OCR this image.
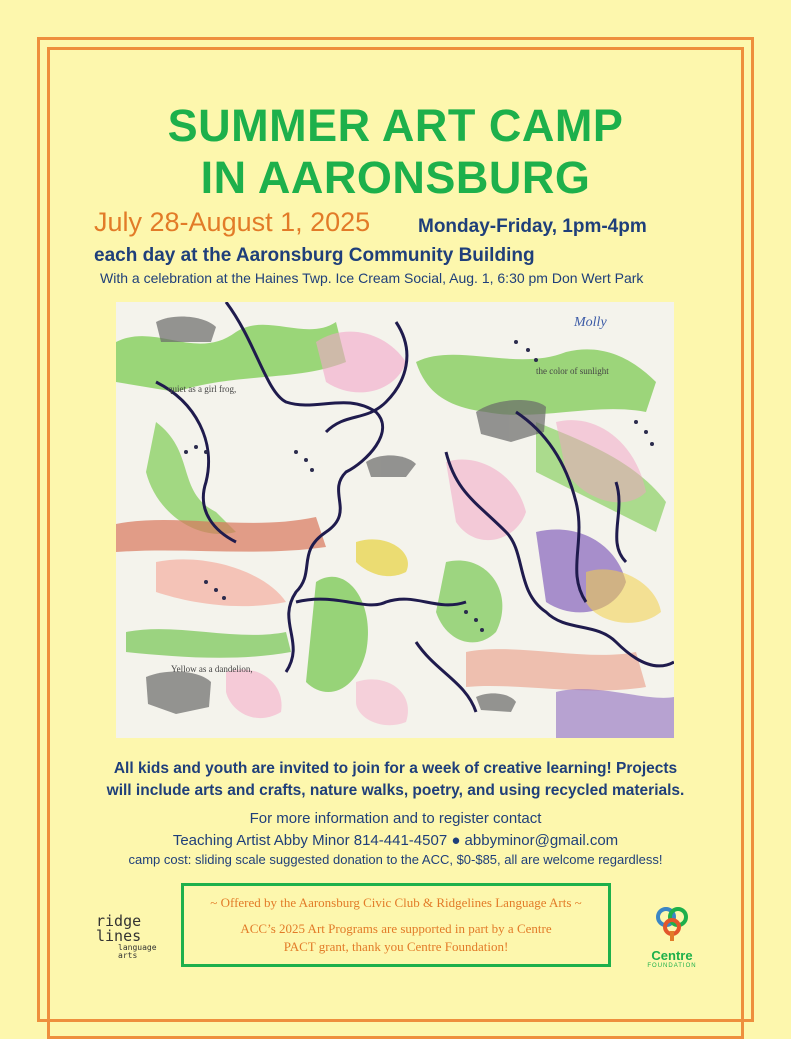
SUMMER ART CAMP
IN AARONSBURG
July 28-August 1, 2025	Monday-Friday, 1pm-4pm
each day at the Aaronsburg Community Building
With a celebration at the Haines Twp. Ice Cream Social, Aug. 1, 6:30 pm Don Wert Park
Molly
quiet as a girl frog,
the color of sunlight
Yellow as a dandelion,
All kids and youth are invited to join for a week of creative learning! Projects
will include arts and crafts, nature walks, poetry, and using recycled materials.
For more information and to register contact
Teaching Artist Abby Minor 814-441-4507 ● abbyminor@gmail.com
camp cost: sliding scale suggested donation to the ACC, $0-$85, all are welcome regardless!
~ Offered by the Aaronsburg Civic Club & Ridgelines Language Arts ~
ACC’s 2025 Art Programs are supported in part by a Centre PACT grant, thank you Centre Foundation!
ridge
lines
language
arts	Centre
FOUNDATION
